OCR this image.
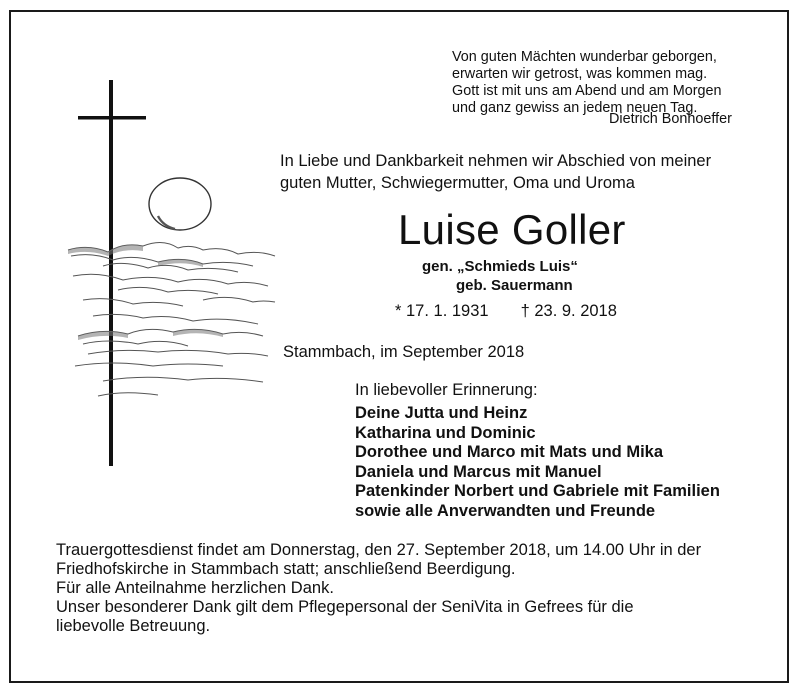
Von guten Mächten wunderbar geborgen,
erwarten wir getrost, was kommen mag.
Gott ist mit uns am Abend und am Morgen
und ganz gewiss an jedem neuen Tag.
Dietrich Bonhoeffer
In Liebe und Dankbarkeit nehmen wir Abschied von meiner
guten Mutter, Schwiegermutter, Oma und Uroma
Luise Goller
gen. „Schmieds Luis“
geb. Sauermann
* 17. 1. 1931 † 23. 9. 2018
Stammbach, im September 2018
In liebevoller Erinnerung:
Deine Jutta und Heinz
Katharina und Dominic
Dorothee und Marco mit Mats und Mika
Daniela und Marcus mit Manuel
Patenkinder Norbert und Gabriele mit Familien
sowie alle Anverwandten und Freunde
Trauergottesdienst findet am Donnerstag, den 27. September 2018, um 14.00 Uhr in der
Friedhofskirche in Stammbach statt; anschließend Beerdigung.
Für alle Anteilnahme herzlichen Dank.
Unser besonderer Dank gilt dem Pflegepersonal der SeniVita in Gefrees für die
liebevolle Betreuung.
